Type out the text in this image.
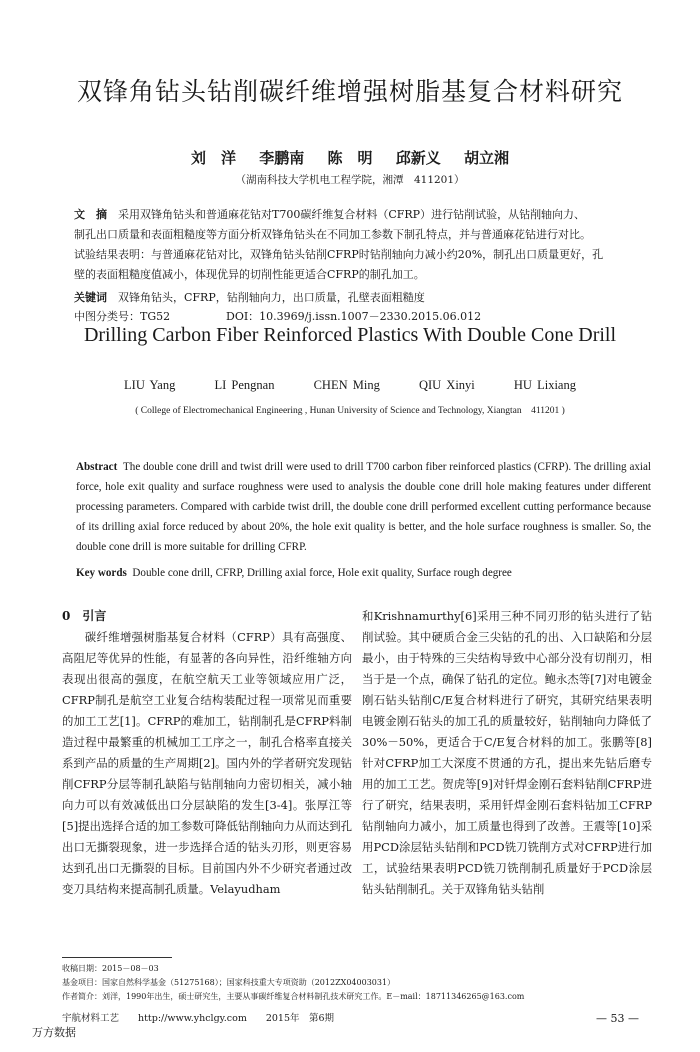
双锋角钻头钻削碳纤维增强树脂基复合材料研究
刘　洋 李鹏南 陈　明 邱新义 胡立湘
（湖南科技大学机电工程学院，湘潭　411201）
文　摘　 采用双锋角钻头和普通麻花钻对T700碳纤维复合材料（CFRP）进行钻削试验，从钻削轴向力、
制孔出口质量和表面粗糙度等方面分析双锋角钻头在不同加工参数下制孔特点，并与普通麻花钻进行对比。
试验结果表明：与普通麻花钻对比，双锋角钻头钻削CFRP时钻削轴向力减小约20%，制孔出口质量更好，孔
壁的表面粗糙度值减小，体现优异的切削性能更适合CFRP的制孔加工。
关键词　 双锋角钻头，CFRP，钻削轴向力，出口质量，孔壁表面粗糙度
中图分类号：TG52	DOI：10.3969/j.issn.1007－2330.2015.06.012
Drilling Carbon Fiber Reinforced Plastics With Double Cone Drill
LIU Yang	LI Pengnan	CHEN Ming	QIU Xinyi	HU Lixiang
( College of Electromechanical Engineering , Hunan University of Science and Technology, Xiangtan　411201 )
Abstract The double cone drill and twist drill were used to drill T700 carbon fiber reinforced plastics (CFRP). The drilling axial force, hole exit quality and surface roughness were used to analysis the double cone drill hole making features under different processing parameters. Compared with carbide twist drill, the double cone drill performed excellent cutting performance because of its drilling axial force reduced by about 20%, the hole exit quality is better, and the hole surface roughness is smaller. So, the double cone drill is more suitable for drilling CFRP.
Key words Double cone drill, CFRP, Drilling axial force, Hole exit quality, Surface rough degree
0　引言
碳纤维增强树脂基复合材料（CFRP）具有高强度、高阻尼等优异的性能，有显著的各向异性，沿纤维轴方向表现出很高的强度，在航空航天工业等领域应用广泛，CFRP制孔是航空工业复合结构装配过程一项常见而重要的加工工艺[1]。CFRP的难加工，钻削制孔是CFRP料制造过程中最繁重的机械加工工序之一，制孔合格率直接关系到产品的质量的生产周期[2]。国内外的学者研究发现钻削CFRP分层等制孔缺陷与钻削轴向力密切相关，减小轴向力可以有效减低出口分层缺陷的发生[3-4]。张厚江等[5]提出选择合适的加工参数可降低钻削轴向力从而达到孔出口无撕裂现象，进一步选择合适的钻头刃形，则更容易达到孔出口无撕裂的目标。目前国内外不少研究者通过改变刀具结构来提高制孔质量。Velayudham
和Krishnamurthy[6]采用三种不同刃形的钻头进行了钻削试验。其中硬质合金三尖钻的孔的出、入口缺陷和分层最小，由于特殊的三尖结构导致中心部分没有切削刃，相当于是一个点，确保了钻孔的定位。鲍永杰等[7]对电镀金刚石钻头钻削C/E复合材料进行了研究，其研究结果表明电镀金刚石钻头的加工孔的质量较好，钻削轴向力降低了30%－50%，更适合于C/E复合材料的加工。张鹏等[8]针对CFRP加工大深度不贯通的方孔，提出来先钻后磨专用的加工工艺。贺虎等[9]对钎焊金刚石套料钻削CFRP进行了研究，结果表明，采用钎焊金刚石套料钻加工CFRP钻削轴向力减小，加工质量也得到了改善。王震等[10]采用PCD涂层钻头钻削和PCD铣刀铣削方式对CFRP进行加工，试验结果表明PCD铣刀铣削制孔质量好于PCD涂层钻头钻削制孔。关于双锋角钻头钻削
收稿日期：2015－08－03
基金项目：国家自然科学基金（51275168）；国家科技重大专项资助（2012ZX04003031）
作者简介：刘洋，1990年出生，硕士研究生，主要从事碳纤维复合材料制孔技术研究工作。E－mail：18711346265@163.com
宇航材料工艺　　http://www.yhclgy.com　　2015年　第6期	— 53 —
万方数据
